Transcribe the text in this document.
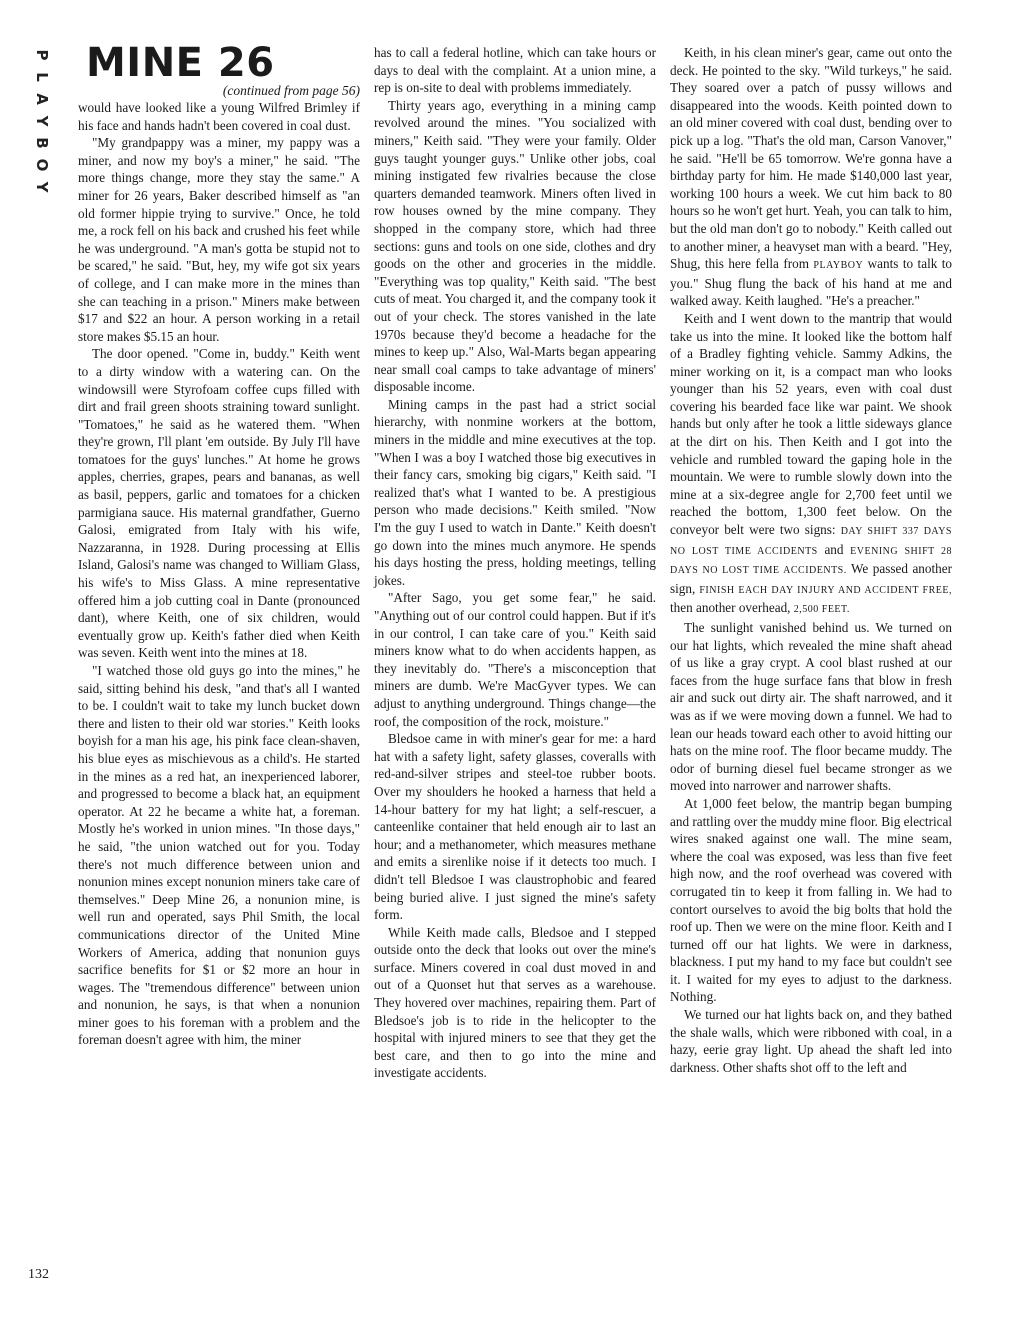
P
L
A
Y
B
O
Y
MINE 26
(continued from page 56)

would have looked like a young Wilfred Brimley if his face and hands hadn't been covered in coal dust.

"My grandpappy was a miner, my pappy was a miner, and now my boy's a miner," he said. "The more things change, more they stay the same." A miner for 26 years, Baker described himself as "an old former hippie trying to survive." Once, he told me, a rock fell on his back and crushed his feet while he was underground. "A man's gotta be stupid not to be scared," he said. "But, hey, my wife got six years of college, and I can make more in the mines than she can teaching in a prison." Miners make between $17 and $22 an hour. A person working in a retail store makes $5.15 an hour.

The door opened. "Come in, buddy." Keith went to a dirty window with a watering can. On the windowsill were Styrofoam coffee cups filled with dirt and frail green shoots straining toward sunlight. "Tomatoes," he said as he watered them. "When they're grown, I'll plant 'em outside. By July I'll have tomatoes for the guys' lunches." At home he grows apples, cherries, grapes, pears and bananas, as well as basil, peppers, garlic and tomatoes for a chicken parmigiana sauce. His maternal grandfather, Guerno Galosi, emigrated from Italy with his wife, Nazzaranna, in 1928. During processing at Ellis Island, Galosi's name was changed to William Glass, his wife's to Miss Glass. A mine representative offered him a job cutting coal in Dante (pronounced dant), where Keith, one of six children, would eventually grow up. Keith's father died when Keith was seven. Keith went into the mines at 18.

"I watched those old guys go into the mines," he said, sitting behind his desk, "and that's all I wanted to be. I couldn't wait to take my lunch bucket down there and listen to their old war stories." Keith looks boyish for a man his age, his pink face clean-shaven, his blue eyes as mischievous as a child's. He started in the mines as a red hat, an inexperienced laborer, and progressed to become a black hat, an equipment operator. At 22 he became a white hat, a foreman. Mostly he's worked in union mines. "In those days," he said, "the union watched out for you. Today there's not much difference between union and nonunion mines except nonunion miners take care of themselves." Deep Mine 26, a nonunion mine, is well run and operated, says Phil Smith, the local communications director of the United Mine Workers of America, adding that nonunion guys sacrifice benefits for $1 or $2 more an hour in wages. The "tremendous difference" between union and nonunion, he says, is that when a nonunion miner goes to his foreman with a problem and the foreman doesn't agree with him, the miner

has to call a federal hotline, which can take hours or days to deal with the complaint. At a union mine, a rep is on-site to deal with problems immediately.

Thirty years ago, everything in a mining camp revolved around the mines. "You socialized with miners," Keith said. "They were your family. Older guys taught younger guys." Unlike other jobs, coal mining instigated few rivalries because the close quarters demanded teamwork. Miners often lived in row houses owned by the mine company. They shopped in the company store, which had three sections: guns and tools on one side, clothes and dry goods on the other and groceries in the middle. "Everything was top quality," Keith said. "The best cuts of meat. You charged it, and the company took it out of your check. The stores vanished in the late 1970s because they'd become a headache for the mines to keep up." Also, Wal-Marts began appearing near small coal camps to take advantage of miners' disposable income.

Mining camps in the past had a strict social hierarchy, with nonmine workers at the bottom, miners in the middle and mine executives at the top. "When I was a boy I watched those big executives in their fancy cars, smoking big cigars," Keith said. "I realized that's what I wanted to be. A prestigious person who made decisions." Keith smiled. "Now I'm the guy I used to watch in Dante." Keith doesn't go down into the mines much anymore. He spends his days hosting the press, holding meetings, telling jokes.

"After Sago, you get some fear," he said. "Anything out of our control could happen. But if it's in our control, I can take care of you." Keith said miners know what to do when accidents happen, as they inevitably do. "There's a misconception that miners are dumb. We're MacGyver types. We can adjust to anything underground. Things change—the roof, the composition of the rock, moisture."

Bledsoe came in with miner's gear for me: a hard hat with a safety light, safety glasses, coveralls with red-and-silver stripes and steel-toe rubber boots. Over my shoulders he hooked a harness that held a 14-hour battery for my hat light; a self-rescuer, a canteenlike container that held enough air to last an hour; and a methanometer, which measures methane and emits a sirenlike noise if it detects too much. I didn't tell Bledsoe I was claustrophobic and feared being buried alive. I just signed the mine's safety form.

While Keith made calls, Bledsoe and I stepped outside onto the deck that looks out over the mine's surface. Miners covered in coal dust moved in and out of a Quonset hut that serves as a warehouse. They hovered over machines, repairing them. Part of Bledsoe's job is to ride in the helicopter to the hospital with injured miners to see that they get the best care, and then to go into the mine and investigate accidents.

Keith, in his clean miner's gear, came out onto the deck. He pointed to the sky. "Wild turkeys," he said. They soared over a patch of pussy willows and disappeared into the woods. Keith pointed down to an old miner covered with coal dust, bending over to pick up a log. "That's the old man, Carson Vanover," he said. "He'll be 65 tomorrow. We're gonna have a birthday party for him. He made $140,000 last year, working 100 hours a week. We cut him back to 80 hours so he won't get hurt. Yeah, you can talk to him, but the old man don't go to nobody." Keith called out to another miner, a heavyset man with a beard. "Hey, Shug, this here fella from PLAYBOY wants to talk to you." Shug flung the back of his hand at me and walked away. Keith laughed. "He's a preacher."

Keith and I went down to the mantrip that would take us into the mine. It looked like the bottom half of a Bradley fighting vehicle. Sammy Adkins, the miner working on it, is a compact man who looks younger than his 52 years, even with coal dust covering his bearded face like war paint. We shook hands but only after he took a little sideways glance at the dirt on his. Then Keith and I got into the vehicle and rumbled toward the gaping hole in the mountain. We were to rumble slowly down into the mine at a six-degree angle for 2,700 feet until we reached the bottom, 1,300 feet below. On the conveyor belt were two signs: DAY SHIFT 337 DAYS NO LOST TIME ACCIDENTS and EVENING SHIFT 28 DAYS NO LOST TIME ACCIDENTS. We passed another sign, FINISH EACH DAY INJURY AND ACCIDENT FREE, then another overhead, 2,500 FEET.

The sunlight vanished behind us. We turned on our hat lights, which revealed the mine shaft ahead of us like a gray crypt. A cool blast rushed at our faces from the huge surface fans that blow in fresh air and suck out dirty air. The shaft narrowed, and it was as if we were moving down a funnel. We had to lean our heads toward each other to avoid hitting our hats on the mine roof. The floor became muddy. The odor of burning diesel fuel became stronger as we moved into narrower and narrower shafts.

At 1,000 feet below, the mantrip began bumping and rattling over the muddy mine floor. Big electrical wires snaked against one wall. The mine seam, where the coal was exposed, was less than five feet high now, and the roof overhead was covered with corrugated tin to keep it from falling in. We had to contort ourselves to avoid the big bolts that hold the roof up. Then we were on the mine floor. Keith and I turned off our hat lights. We were in darkness, blackness. I put my hand to my face but couldn't see it. I waited for my eyes to adjust to the darkness. Nothing.

We turned our hat lights back on, and they bathed the shale walls, which were ribboned with coal, in a hazy, eerie gray light. Up ahead the shaft led into darkness. Other shafts shot off to the left and

132
